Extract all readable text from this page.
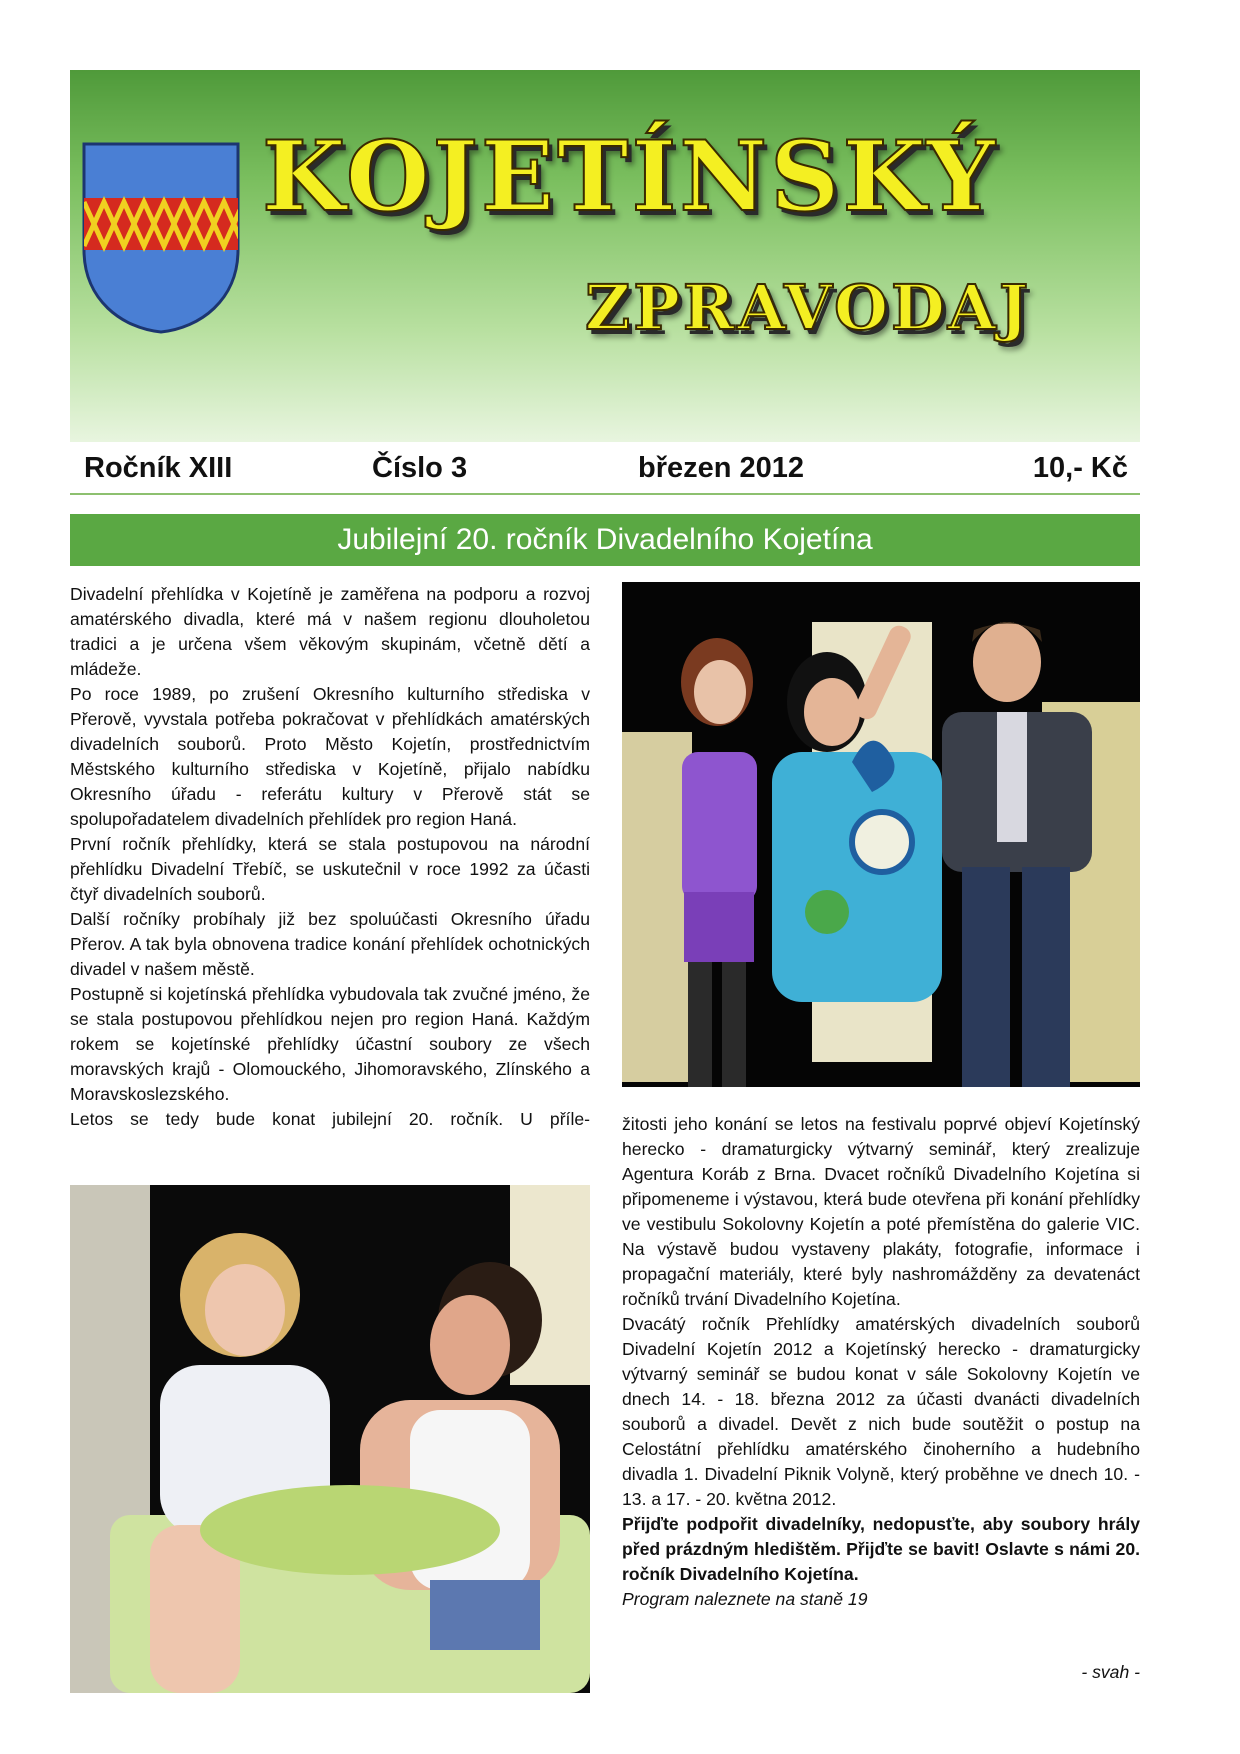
KOJETÍNSKÝ
ZPRAVODAJ
Ročník XIII	Číslo 3	březen 2012	10,- Kč
Jubilejní 20. ročník Divadelního Kojetína

Divadelní přehlídka v Kojetíně je zaměřena na podporu a rozvoj amatérského divadla, které má v našem regionu dlouholetou tradici a je určena všem věkovým skupinám, včetně dětí a mládeže.

Po roce 1989, po zrušení Okresního kulturního střediska v Přerově, vyvstala potřeba pokračovat v přehlídkách amatérských divadelních souborů. Proto Město Kojetín, prostřednictvím Městského kulturního střediska v Kojetíně, přijalo nabídku Okresního úřadu - referátu kultury v Přerově stát se spolupořadatelem divadelních přehlídek pro region Haná.

První ročník přehlídky, která se stala postupovou na národní přehlídku Divadelní Třebíč, se uskutečnil v roce 1992 za účasti čtyř divadelních souborů.

Další ročníky probíhaly již bez spoluúčasti Okresního úřadu Přerov. A tak byla obnovena tradice konání přehlídek ochotnických divadel v našem městě.

Postupně si kojetínská přehlídka vybudovala tak zvučné jméno, že se stala postupovou přehlídkou nejen pro region Haná. Každým rokem se kojetínské přehlídky účastní soubory ze všech moravských krajů - Olomouckého, Jihomoravského, Zlínského a Moravskoslezského.

Letos se tedy bude konat jubilejní 20. ročník. U příle- žitosti jeho konání se letos na festivalu poprvé objeví Kojetínský herecko - dramaturgicky výtvarný seminář, který zrealizuje Agentura Koráb z Brna. Dvacet ročníků Divadelního Kojetína si připomeneme i výstavou, která bude otevřena při konání přehlídky ve vestibulu Sokolovny Kojetín a poté přemístěna do galerie VIC. Na výstavě budou vystaveny plakáty, fotografie, informace i propagační materiály, které byly nashromážděny za devatenáct ročníků trvání Divadelního Kojetína.

Dvacátý ročník Přehlídky amatérských divadelních souborů Divadelní Kojetín 2012 a Kojetínský herecko - dramaturgicky výtvarný seminář se budou konat v sále Sokolovny Kojetín ve dnech 14. - 18. března 2012 za účasti dvanácti divadelních souborů a divadel. Devět z nich bude soutěžit o postup na Celostátní přehlídku amatérského činoherního a hudebního divadla 1. Divadelní Piknik Volyně, který proběhne ve dnech 10. - 13. a 17. - 20. května 2012.

Přijďte podpořit divadelníky, nedopusťte, aby soubory hrály před prázdným hledištěm. Přijďte se bavit! Oslavte s námi 20. ročník Divadelního Kojetína.

Program naleznete na staně 19

- svah -
